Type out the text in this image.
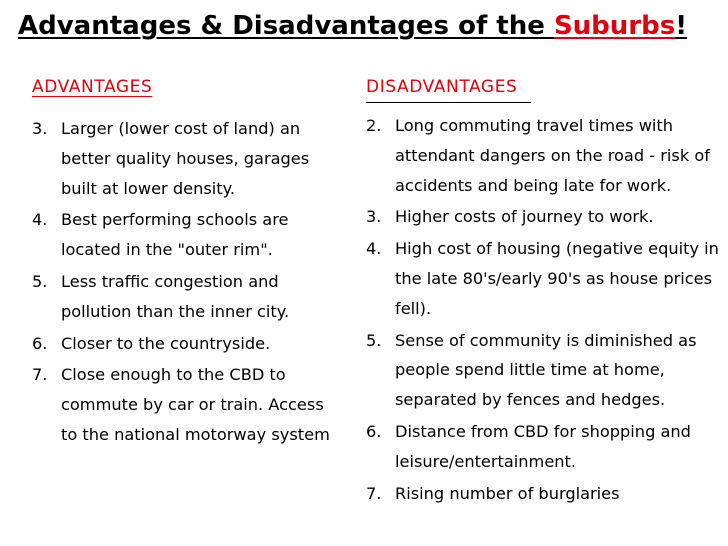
Advantages & Disadvantages of the Suburbs!
ADVANTAGES
3. Larger (lower cost of land) an better quality houses, garages built at lower density.
4. Best performing schools are located in the "outer rim".
5. Less traffic congestion and pollution than the inner city.
6. Closer to the countryside.
7. Close enough to the CBD to commute by car or train. Access to the national motorway system
DISADVANTAGES
2. Long commuting travel times with attendant dangers on the road - risk of accidents and being late for work.
3. Higher costs of journey to work.
4. High cost of housing (negative equity in the late 80's/early 90's as house prices fell).
5. Sense of community is diminished as people spend little time at home, separated by fences and hedges.
6. Distance from CBD for shopping and leisure/entertainment.
7. Rising number of burglaries
